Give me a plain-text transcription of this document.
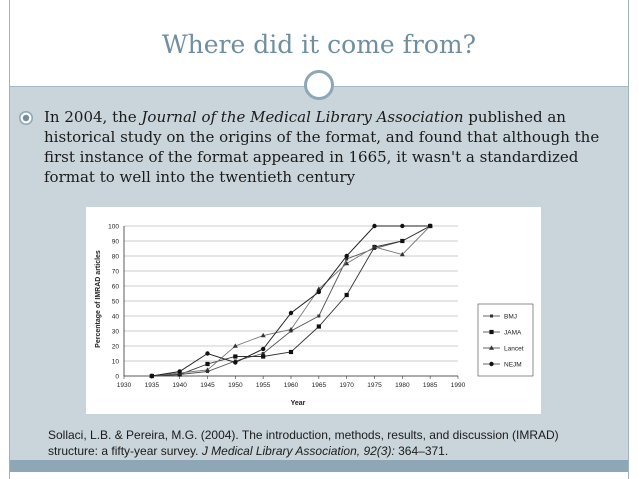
Where did it come from?
In 2004, the Journal of the Medical Library Association published an historical study on the origins of the format, and found that although the first instance of the format appeared in 1665, it wasn't a standardized format to well into the twentieth century
0
10
20
30
40
50
60
70
80
90
100
1930 1935 1940 1945 1950 1955 1960 1965 1970 1975 1980 1985 1990
BMJ
JAMA
Lancet
NEJM
Percentage of IMRAD articles
Year
Sollaci, L.B. & Pereira, M.G. (2004). The introduction, methods, results, and discussion (IMRAD) structure: a fifty-year survey. J Medical Library Association, 92(3): 364–371.
